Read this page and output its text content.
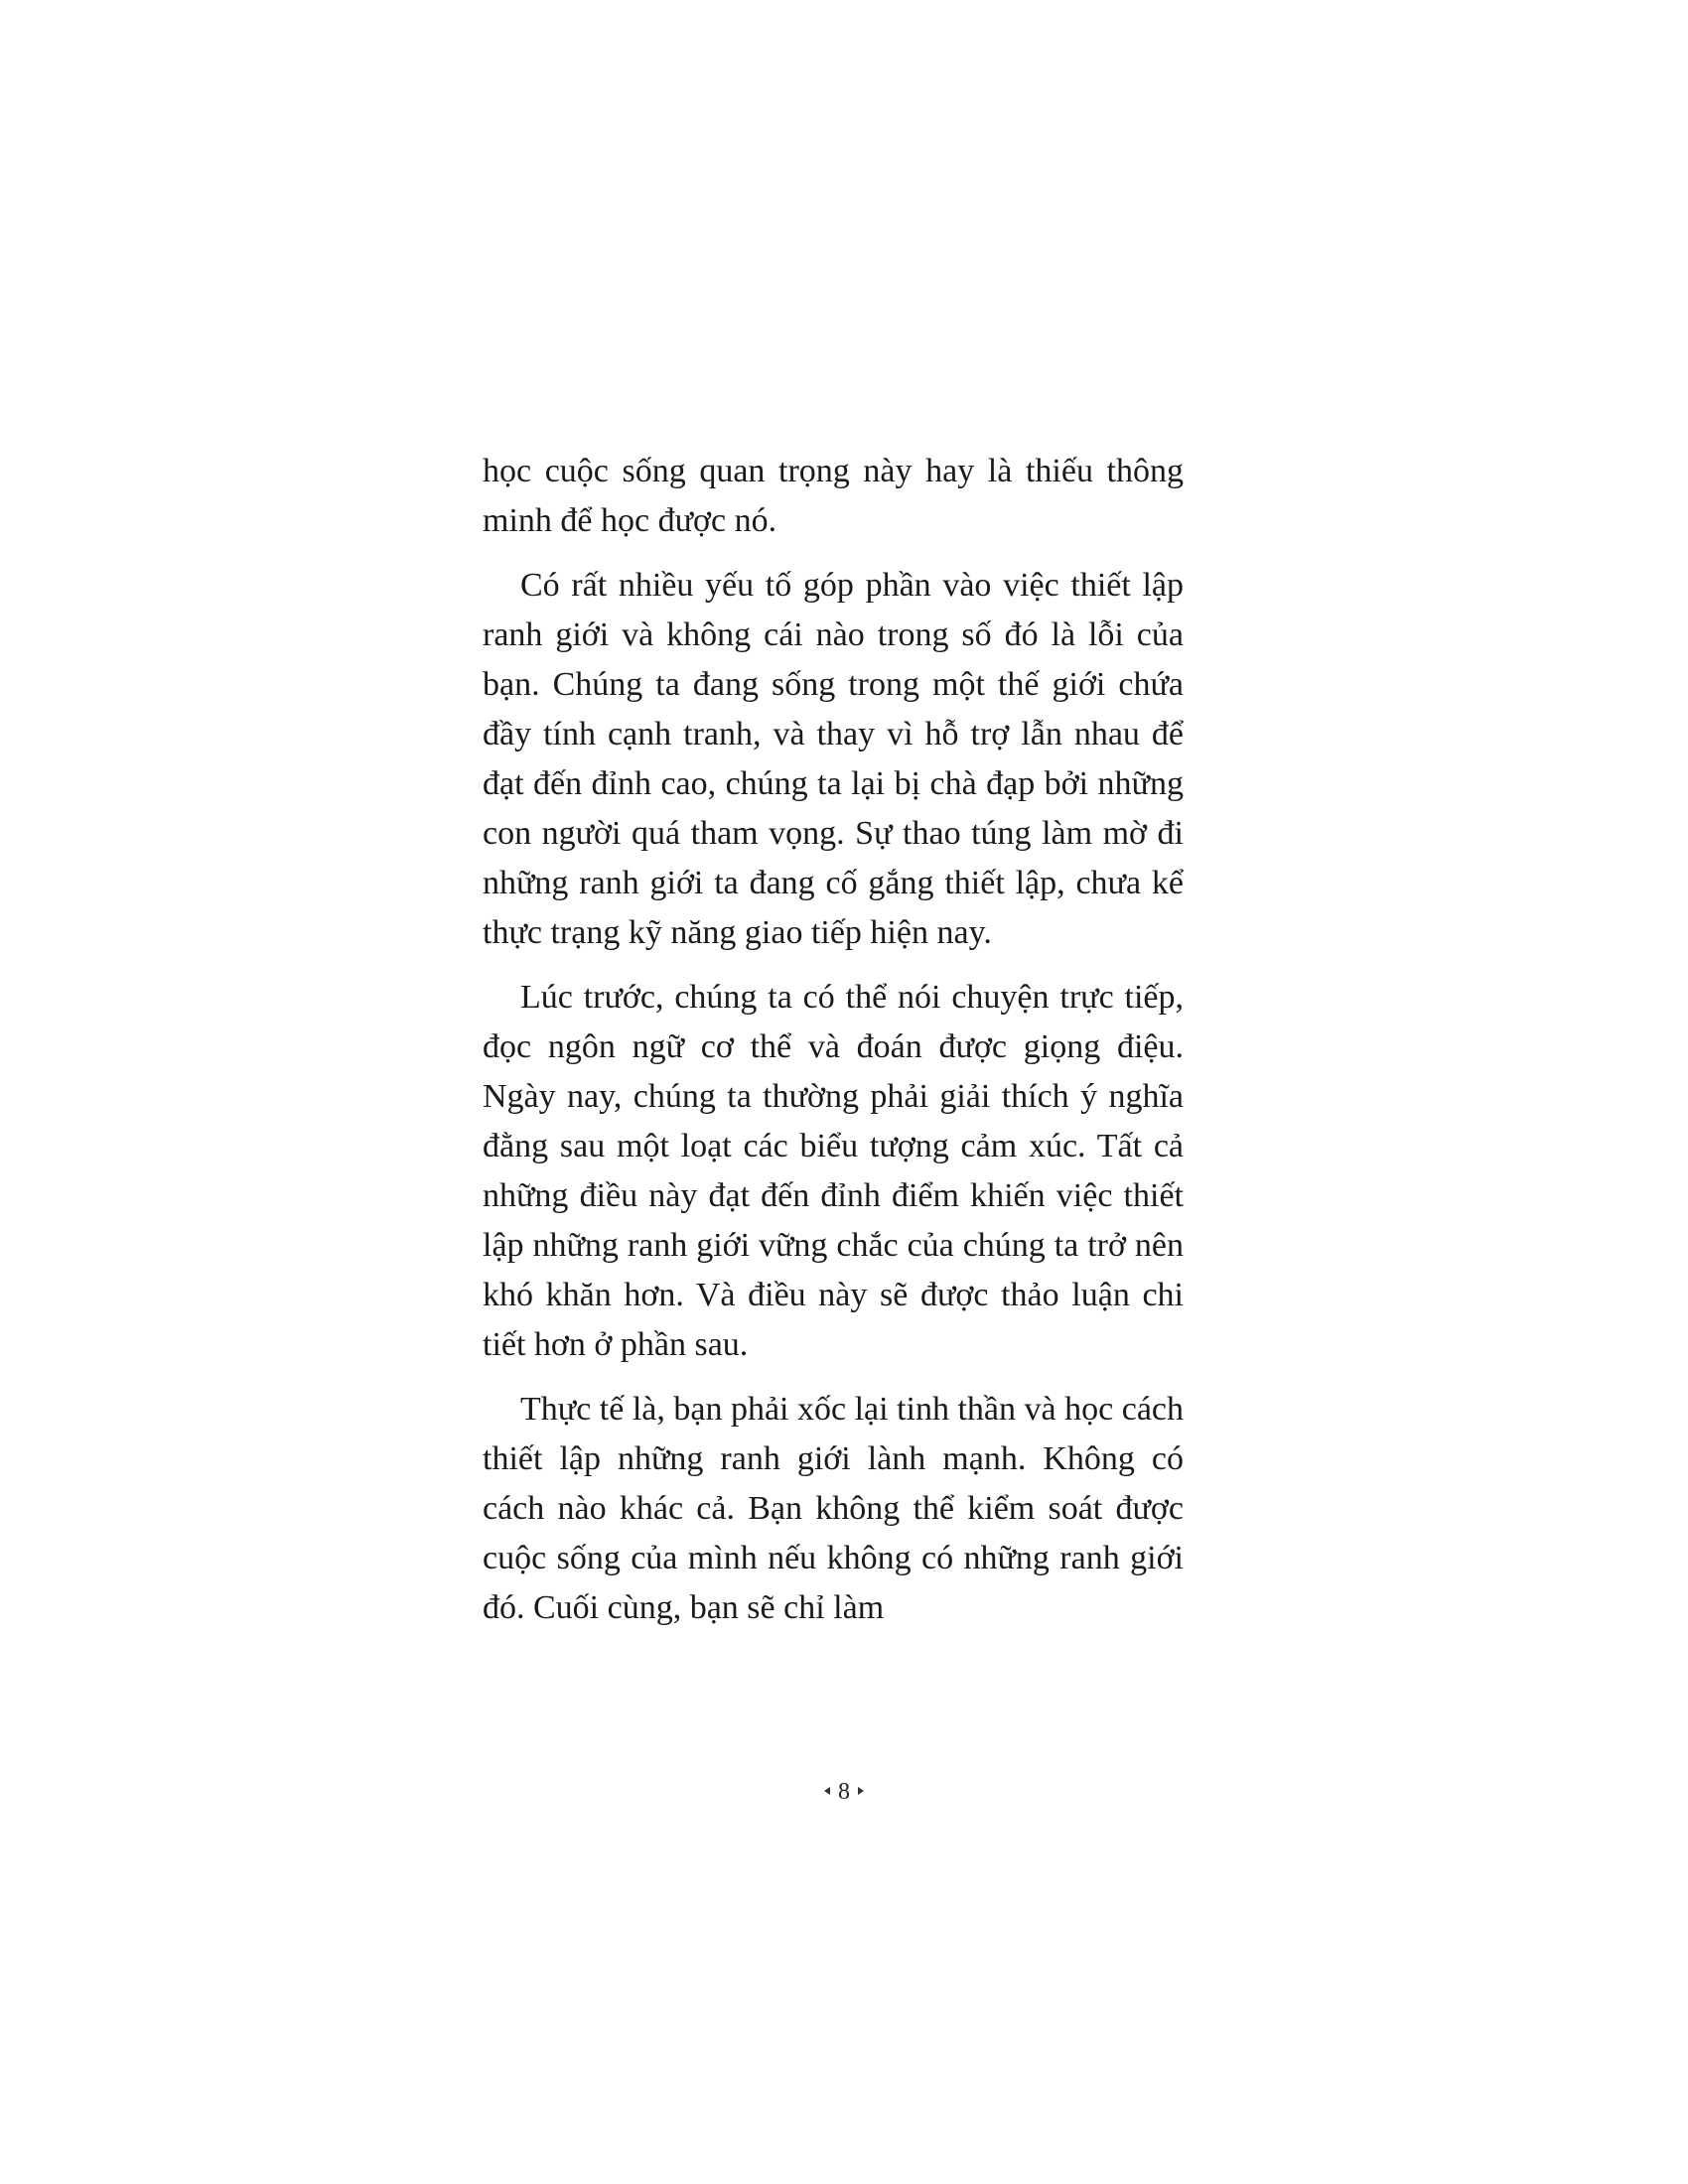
học cuộc sống quan trọng này hay là thiếu thông minh để học được nó.

Có rất nhiều yếu tố góp phần vào việc thiết lập ranh giới và không cái nào trong số đó là lỗi của bạn. Chúng ta đang sống trong một thế giới chứa đầy tính cạnh tranh, và thay vì hỗ trợ lẫn nhau để đạt đến đỉnh cao, chúng ta lại bị chà đạp bởi những con người quá tham vọng. Sự thao túng làm mờ đi những ranh giới ta đang cố gắng thiết lập, chưa kể thực trạng kỹ năng giao tiếp hiện nay.

Lúc trước, chúng ta có thể nói chuyện trực tiếp, đọc ngôn ngữ cơ thể và đoán được giọng điệu. Ngày nay, chúng ta thường phải giải thích ý nghĩa đằng sau một loạt các biểu tượng cảm xúc. Tất cả những điều này đạt đến đỉnh điểm khiến việc thiết lập những ranh giới vững chắc của chúng ta trở nên khó khăn hơn. Và điều này sẽ được thảo luận chi tiết hơn ở phần sau.

Thực tế là, bạn phải xốc lại tinh thần và học cách thiết lập những ranh giới lành mạnh. Không có cách nào khác cả. Bạn không thể kiểm soát được cuộc sống của mình nếu không có những ranh giới đó. Cuối cùng, bạn sẽ chỉ làm

8
